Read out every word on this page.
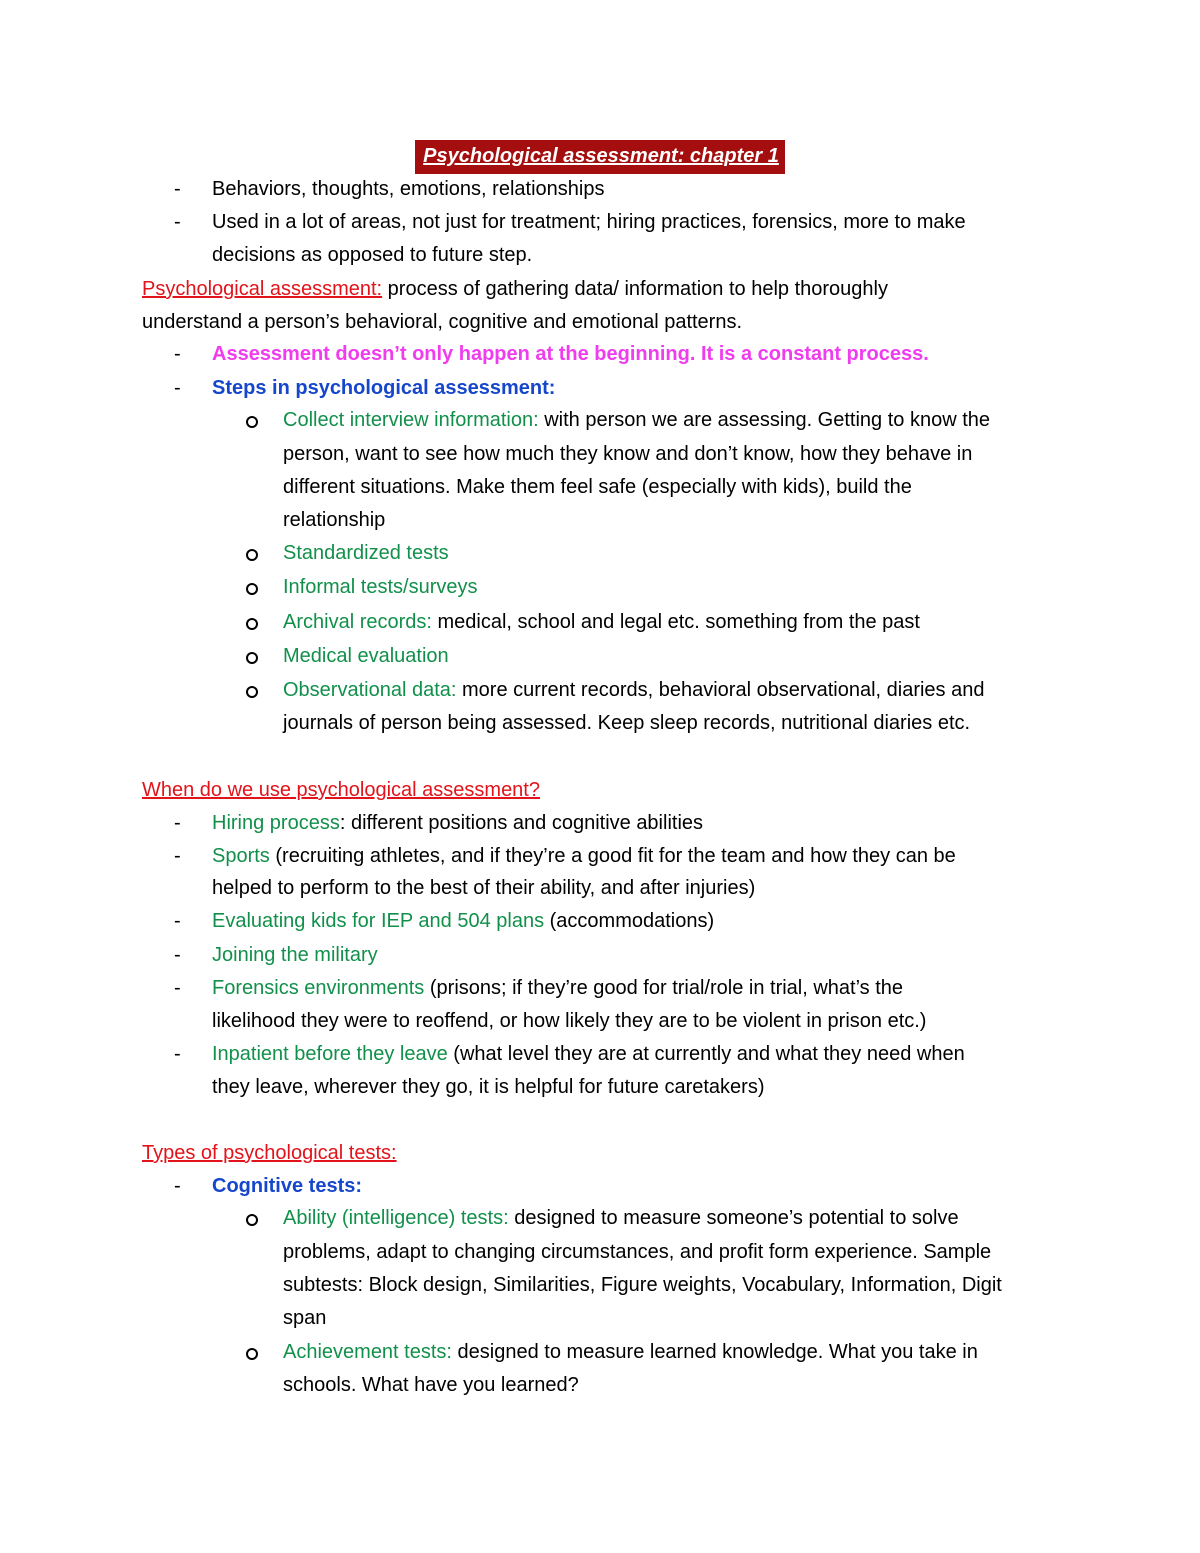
Psychological assessment: chapter 1
-	Behaviors, thoughts, emotions, relationships
-	Used in a lot of areas, not just for treatment; hiring practices, forensics, more to make
decisions as opposed to future step.
Psychological assessment: process of gathering data/ information to help thoroughly
understand a person’s behavioral, cognitive and emotional patterns.
-	Assessment doesn’t only happen at the beginning. It is a constant process.
-	Steps in psychological assessment:
Collect interview information: with person we are assessing. Getting to know the
person, want to see how much they know and don’t know, how they behave in
different situations. Make them feel safe (especially with kids), build the
relationship
Standardized tests
Informal tests/surveys
Archival records: medical, school and legal etc. something from the past
Medical evaluation
Observational data: more current records, behavioral observational, diaries and
journals of person being assessed. Keep sleep records, nutritional diaries etc.
When do we use psychological assessment?
-	Hiring process: different positions and cognitive abilities
-	Sports (recruiting athletes, and if they’re a good fit for the team and how they can be
helped to perform to the best of their ability, and after injuries)
-	Evaluating kids for IEP and 504 plans (accommodations)
-	Joining the military
-	Forensics environments (prisons; if they’re good for trial/role in trial, what’s the
likelihood they were to reoffend, or how likely they are to be violent in prison etc.)
-	Inpatient before they leave (what level they are at currently and what they need when
they leave, wherever they go, it is helpful for future caretakers)
Types of psychological tests:
-	Cognitive tests:
Ability (intelligence) tests: designed to measure someone’s potential to solve
problems, adapt to changing circumstances, and profit form experience. Sample
subtests: Block design, Similarities, Figure weights, Vocabulary, Information, Digit
span
Achievement tests: designed to measure learned knowledge. What you take in
schools. What have you learned?
